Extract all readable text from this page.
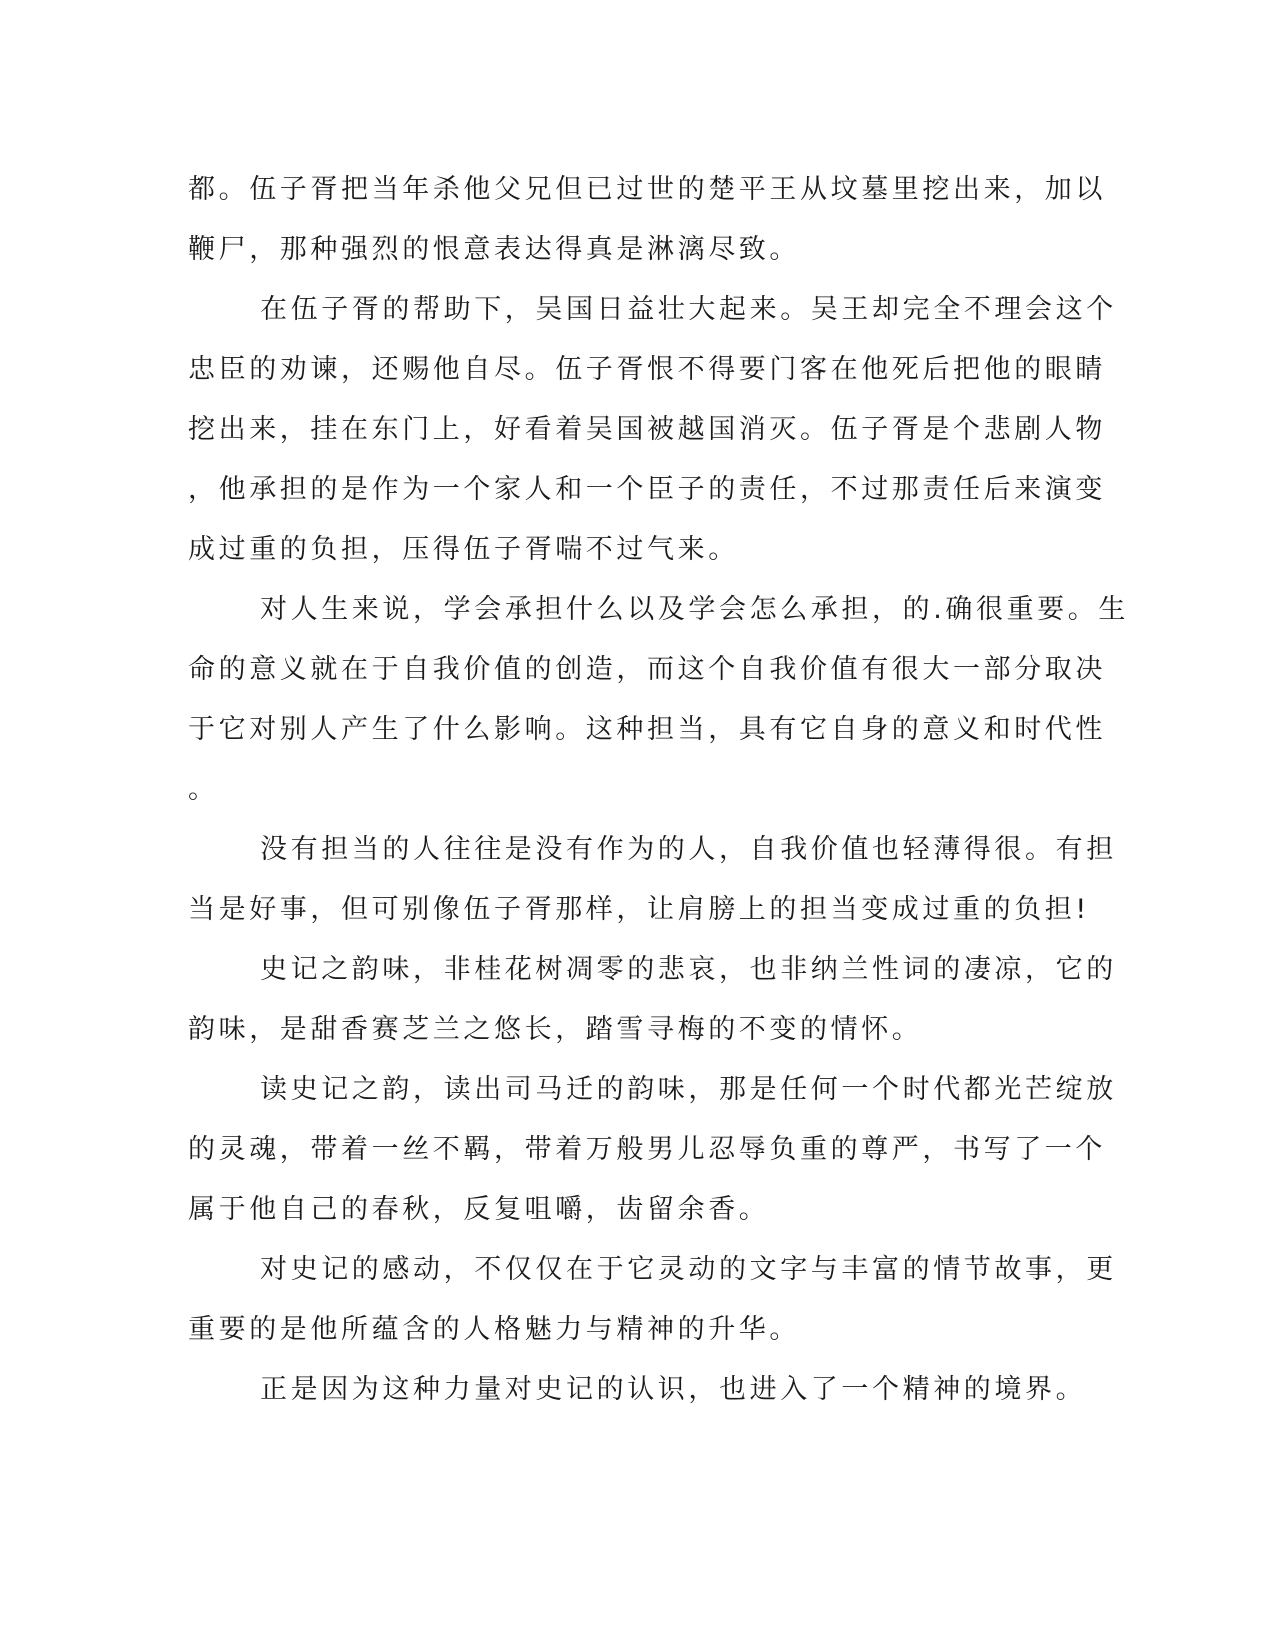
都。伍子胥把当年杀他父兄但已过世的楚平王从坟墓里挖出来，加以
鞭尸，那种强烈的恨意表达得真是淋漓尽致。
在伍子胥的帮助下，吴国日益壮大起来。吴王却完全不理会这个
忠臣的劝谏，还赐他自尽。伍子胥恨不得要门客在他死后把他的眼睛
挖出来，挂在东门上，好看着吴国被越国消灭。伍子胥是个悲剧人物
，他承担的是作为一个家人和一个臣子的责任，不过那责任后来演变
成过重的负担，压得伍子胥喘不过气来。
对人生来说，学会承担什么以及学会怎么承担，的.确很重要。生
命的意义就在于自我价值的创造，而这个自我价值有很大一部分取决
于它对别人产生了什么影响。这种担当，具有它自身的意义和时代性
。
没有担当的人往往是没有作为的人，自我价值也轻薄得很。有担
当是好事，但可别像伍子胥那样，让肩膀上的担当变成过重的负担!
史记之韵味，非桂花树凋零的悲哀，也非纳兰性词的凄凉，它的
韵味，是甜香赛芝兰之悠长，踏雪寻梅的不变的情怀。
读史记之韵，读出司马迁的韵味，那是任何一个时代都光芒绽放
的灵魂，带着一丝不羁，带着万般男儿忍辱负重的尊严，书写了一个
属于他自己的春秋，反复咀嚼，齿留余香。
对史记的感动，不仅仅在于它灵动的文字与丰富的情节故事，更
重要的是他所蕴含的人格魅力与精神的升华。
正是因为这种力量对史记的认识，也进入了一个精神的境界。
